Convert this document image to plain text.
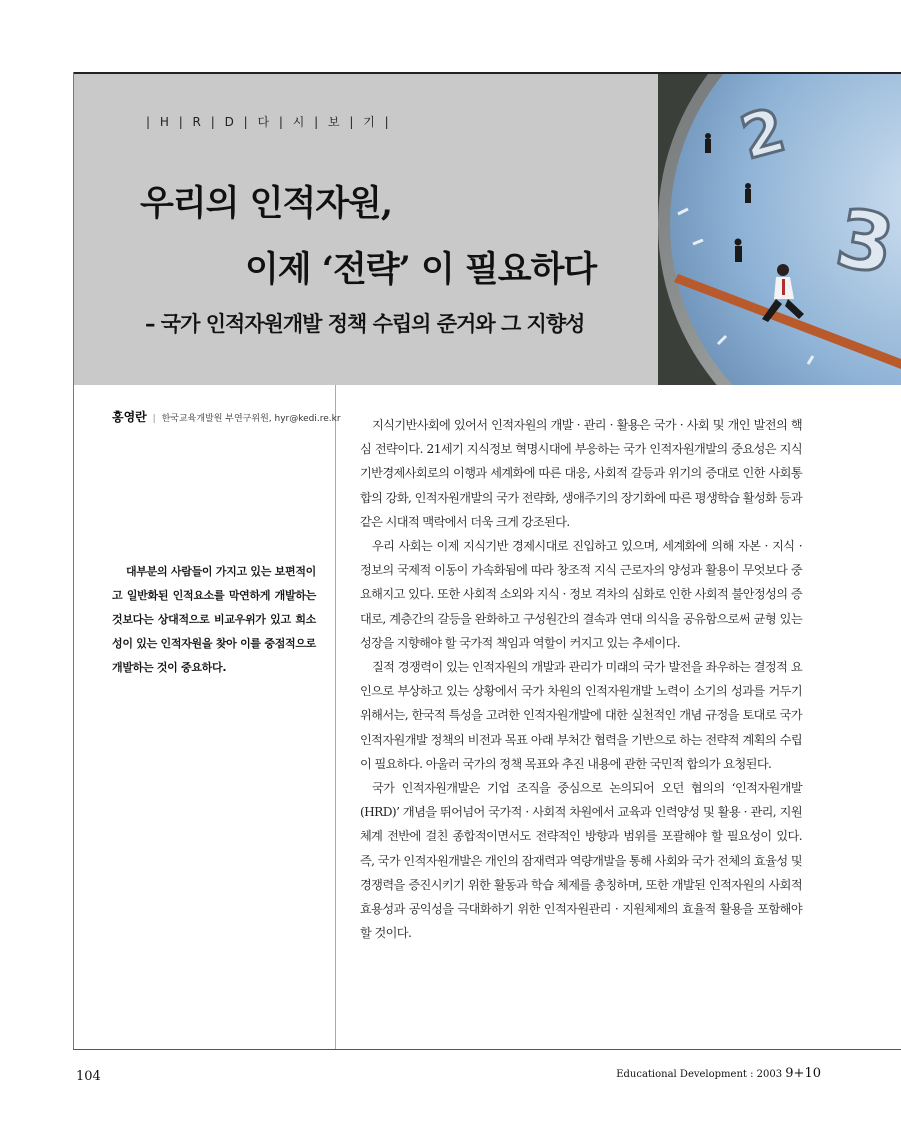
2
3
| H | R | D | 다 | 시 | 보 | 기 |
우리의 인적자원,
이제 ‘전략’ 이 필요하다
– 국가 인적자원개발 정책 수립의 준거와 그 지향성
홍영란 | 한국교육개발원 부연구위원, hyr@kedi.re.kr
대부분의 사람들이 가지고 있는 보편적이고 일반화된 인적요소를 막연하게 개발하는 것보다는 상대적으로 비교우위가 있고 희소성이 있는 인적자원을 찾아 이를 중점적으로 개발하는 것이 중요하다.

지식기반사회에 있어서 인적자원의 개발 · 관리 · 활용은 국가 · 사회 및 개인 발전의 핵심 전략이다. 21세기 지식정보 혁명시대에 부응하는 국가 인적자원개발의 중요성은 지식기반경제사회로의 이행과 세계화에 따른 대응, 사회적 갈등과 위기의 증대로 인한 사회통합의 강화, 인적자원개발의 국가 전략화, 생애주기의 장기화에 따른 평생학습 활성화 등과 같은 시대적 맥락에서 더욱 크게 강조된다.

우리 사회는 이제 지식기반 경제시대로 진입하고 있으며, 세계화에 의해 자본 · 지식 · 정보의 국제적 이동이 가속화됨에 따라 창조적 지식 근로자의 양성과 활용이 무엇보다 중요해지고 있다. 또한 사회적 소외와 지식 · 정보 격차의 심화로 인한 사회적 불안정성의 증대로, 계층간의 갈등을 완화하고 구성원간의 결속과 연대 의식을 공유함으로써 균형 있는 성장을 지향해야 할 국가적 책임과 역할이 커지고 있는 추세이다.

질적 경쟁력이 있는 인적자원의 개발과 관리가 미래의 국가 발전을 좌우하는 결정적 요인으로 부상하고 있는 상황에서 국가 차원의 인적자원개발 노력이 소기의 성과를 거두기 위해서는, 한국적 특성을 고려한 인적자원개발에 대한 실천적인 개념 규정을 토대로 국가 인적자원개발 정책의 비전과 목표 아래 부처간 협력을 기반으로 하는 전략적 계획의 수립이 필요하다. 아울러 국가의 정책 목표와 추진 내용에 관한 국민적 합의가 요청된다.

국가 인적자원개발은 기업 조직을 중심으로 논의되어 오던 협의의 ‘인적자원개발(HRD)’ 개념을 뛰어넘어 국가적 · 사회적 차원에서 교육과 인력양성 및 활용 · 관리, 지원 체계 전반에 걸친 종합적이면서도 전략적인 방향과 범위를 포괄해야 할 필요성이 있다. 즉, 국가 인적자원개발은 개인의 잠재력과 역량개발을 통해 사회와 국가 전체의 효율성 및 경쟁력을 증진시키기 위한 활동과 학습 체제를 총칭하며, 또한 개발된 인적자원의 사회적 효용성과 공익성을 극대화하기 위한 인적자원관리 · 지원체제의 효율적 활용을 포함해야 할 것이다.

104	Educational Development : 2003 9+10
